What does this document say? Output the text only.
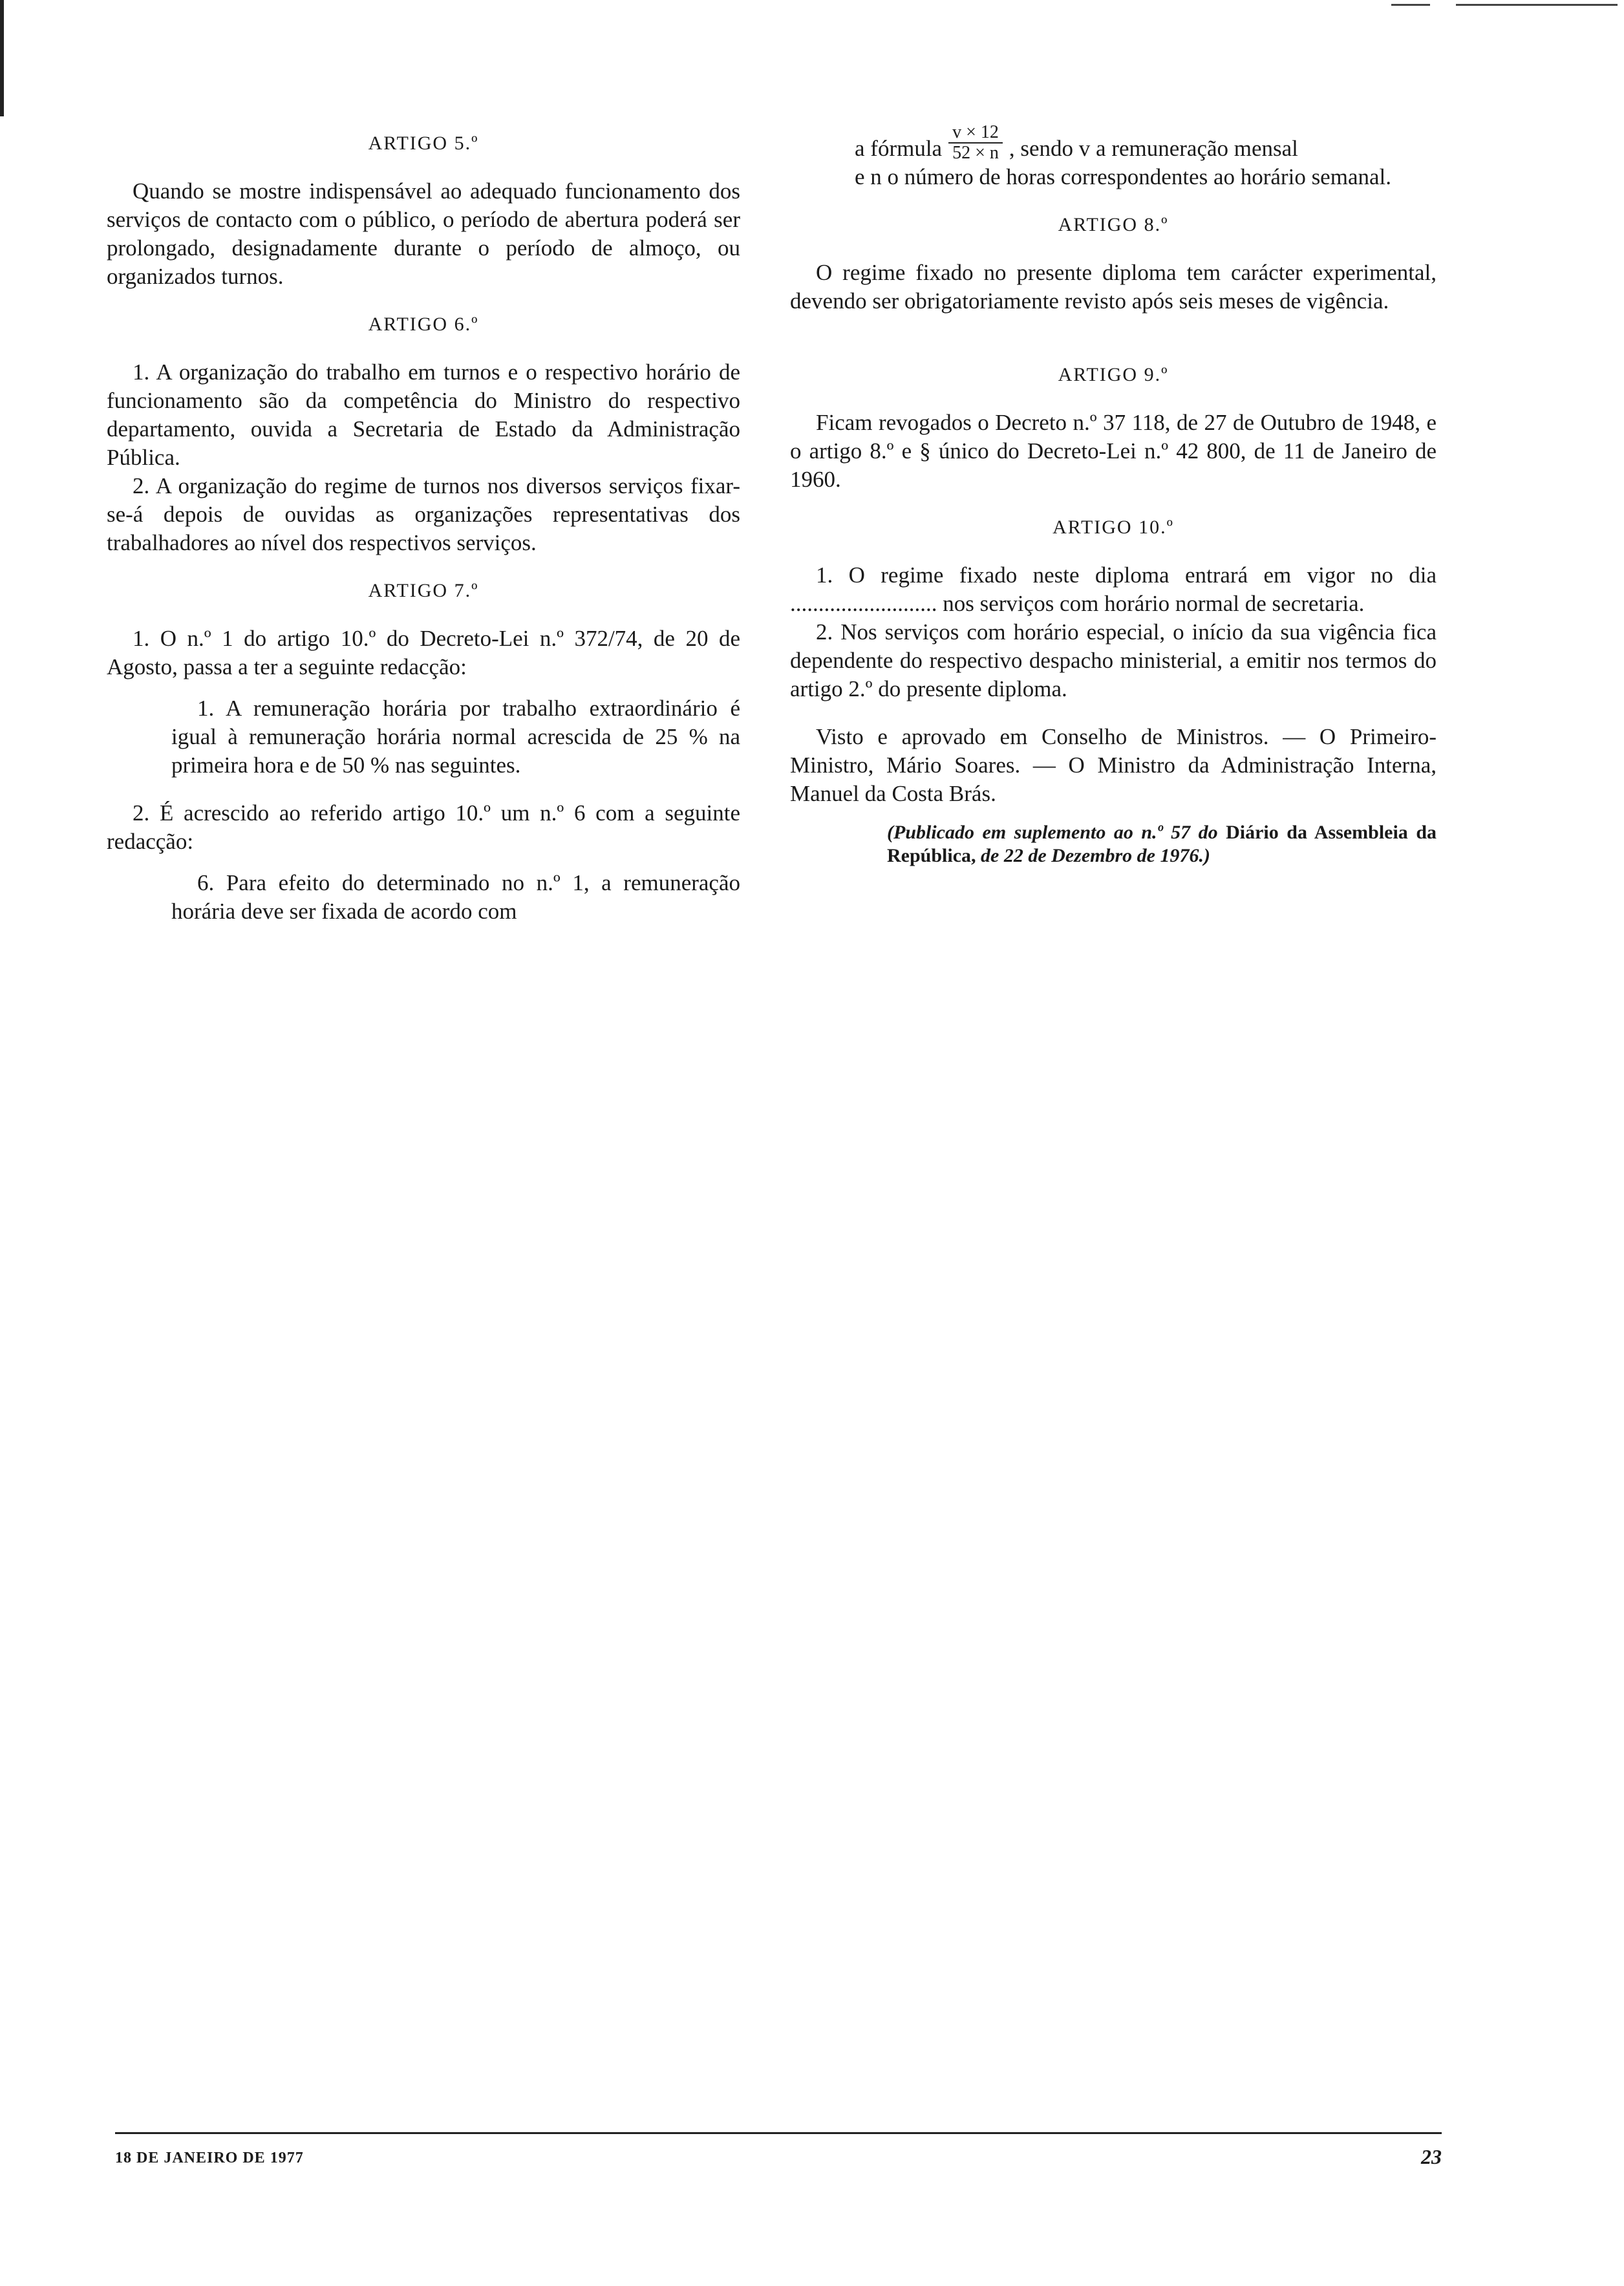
ARTIGO 5.º

Quando se mostre indispensável ao adequado funcionamento dos serviços de contacto com o público, o período de abertura poderá ser prolongado, designadamente durante o período de almoço, ou organizados turnos.

ARTIGO 6.º

1. A organização do trabalho em turnos e o respectivo horário de funcionamento são da competência do Ministro do respectivo departamento, ouvida a Secretaria de Estado da Administração Pública.

2. A organização do regime de turnos nos diversos serviços fixar-se-á depois de ouvidas as organizações representativas dos trabalhadores ao nível dos respectivos serviços.

ARTIGO 7.º

1. O n.º 1 do artigo 10.º do Decreto-Lei n.º 372/74, de 20 de Agosto, passa a ter a seguinte redacção:

1. A remuneração horária por trabalho extraordinário é igual à remuneração horária normal acrescida de 25 % na primeira hora e de 50 % nas seguintes.

2. É acrescido ao referido artigo 10.º um n.º 6 com a seguinte redacção:

6. Para efeito do determinado no n.º 1, a remuneração horária deve ser fixada de acordo com

a fórmula $\frac{v \times 12}{52 \times n}$ , sendo v a remuneração mensal

e n o número de horas correspondentes ao horário semanal.

ARTIGO 8.º

O regime fixado no presente diploma tem carácter experimental, devendo ser obrigatoriamente revisto após seis meses de vigência.

ARTIGO 9.º

Ficam revogados o Decreto n.º 37 118, de 27 de Outubro de 1948, e o artigo 8.º e § único do Decreto-Lei n.º 42 800, de 11 de Janeiro de 1960.

ARTIGO 10.º

1. O regime fixado neste diploma entrará em vigor no dia .......................... nos serviços com horário normal de secretaria.

2. Nos serviços com horário especial, o início da sua vigência fica dependente do respectivo despacho ministerial, a emitir nos termos do artigo 2.º do presente diploma.

Visto e aprovado em Conselho de Ministros. — O Primeiro-Ministro, Mário Soares. — O Ministro da Administração Interna, Manuel da Costa Brás.

(Publicado em suplemento ao n.º 57 do Diário da Assembleia da República, de 22 de Dezembro de 1976.)

18 DE JANEIRO DE 1977	23
